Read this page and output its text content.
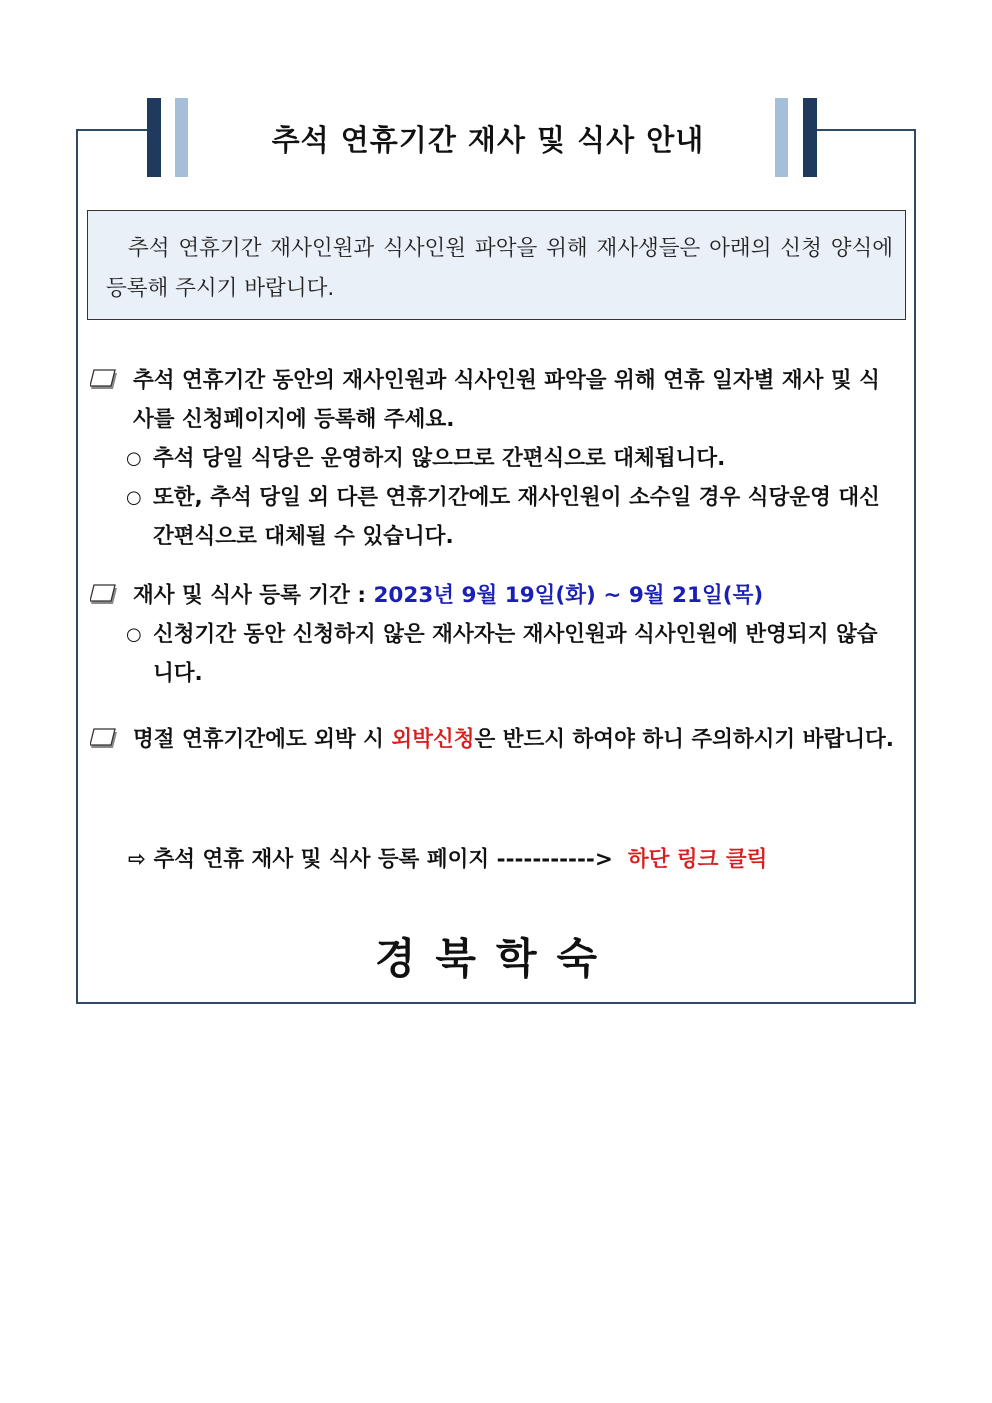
추석 연휴기간 재사 및 식사 안내
추석 연휴기간 재사인원과 식사인원 파악을 위해 재사생들은 아래의 신청 양식에 등록해 주시기 바랍니다.
추석 연휴기간 동안의 재사인원과 식사인원 파악을 위해 연휴 일자별 재사 및 식사를 신청페이지에 등록해 주세요.
○ 추석 당일 식당은 운영하지 않으므로 간편식으로 대체됩니다.
○ 또한, 추석 당일 외 다른 연휴기간에도 재사인원이 소수일 경우 식당운영 대신 간편식으로 대체될 수 있습니다.
재사 및 식사 등록 기간 : 2023년 9월 19일(화) ~ 9월 21일(목)
○ 신청기간 동안 신청하지 않은 재사자는 재사인원과 식사인원에 반영되지 않습니다.
명절 연휴기간에도 외박 시 외박신청은 반드시 하여야 하니 주의하시기 바랍니다.
⇨ 추석 연휴 재사 및 식사 등록 페이지 ----------->  하단 링크 클릭
경북학숙
